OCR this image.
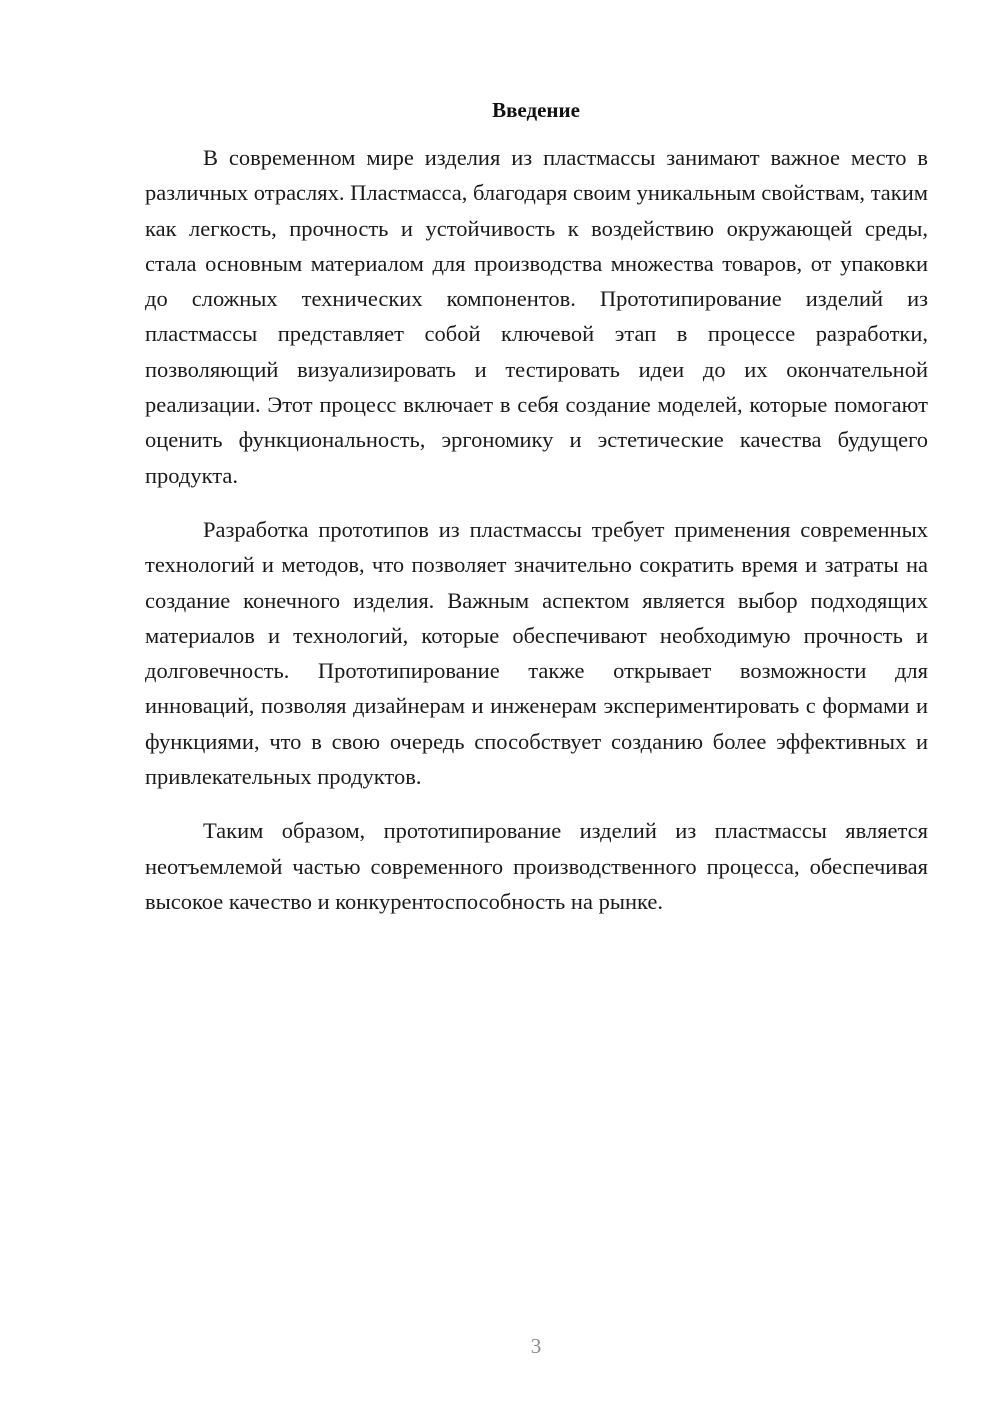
Введение

В современном мире изделия из пластмассы занимают важное место в различных отраслях. Пластмасса, благодаря своим уникальным свойствам, таким как легкость, прочность и устойчивость к воздействию окружающей среды, стала основным материалом для производства множества товаров, от упаковки до сложных технических компонентов. Прототипирование изделий из пластмассы представляет собой ключевой этап в процессе разработки, позволяющий визуализировать и тестировать идеи до их окончательной реализации. Этот процесс включает в себя создание моделей, которые помогают оценить функциональность, эргономику и эстетические качества будущего продукта.

Разработка прототипов из пластмассы требует применения современных технологий и методов, что позволяет значительно сократить время и затраты на создание конечного изделия. Важным аспектом является выбор подходящих материалов и технологий, которые обеспечивают необходимую прочность и долговечность. Прототипирование также открывает возможности для инноваций, позволяя дизайнерам и инженерам экспериментировать с формами и функциями, что в свою очередь способствует созданию более эффективных и привлекательных продуктов.

Таким образом, прототипирование изделий из пластмассы является неотъемлемой частью современного производственного процесса, обеспечивая высокое качество и конкурентоспособность на рынке.

3
